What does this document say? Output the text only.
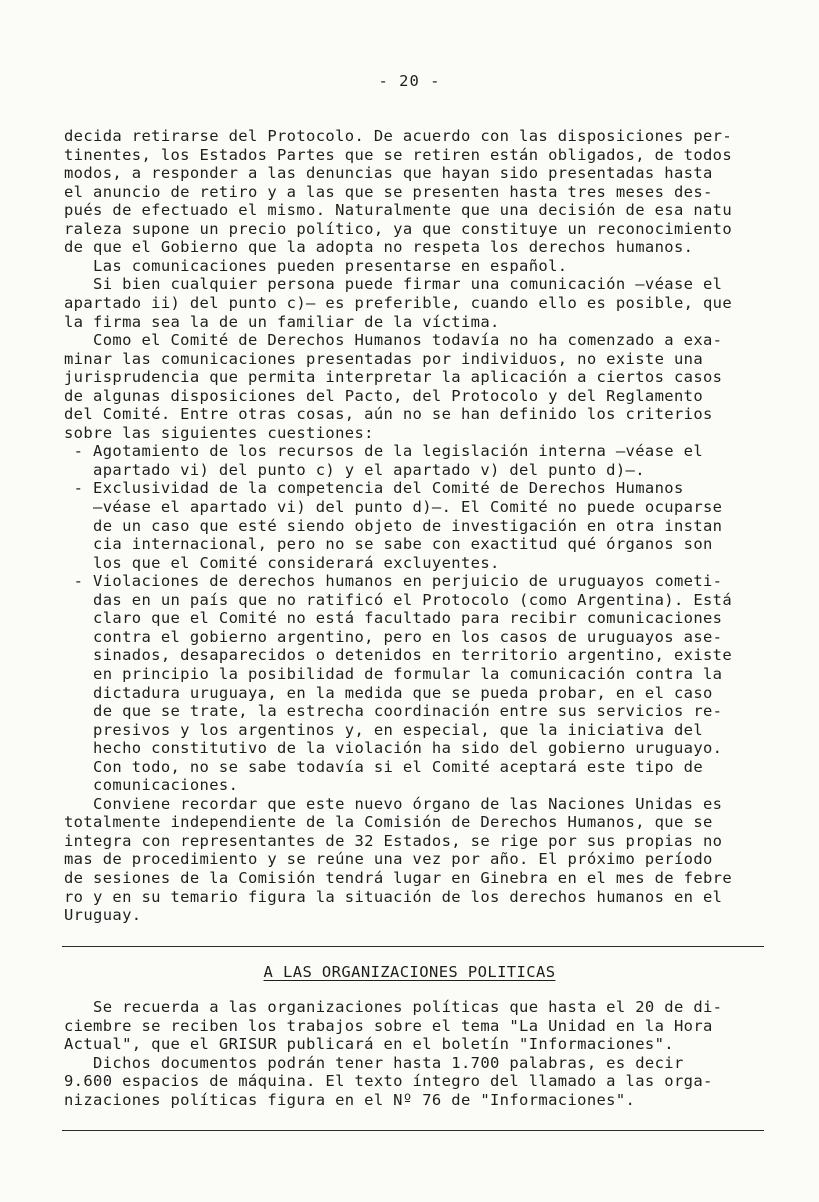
- 20 -
decida retirarse del Protocolo. De acuerdo con las disposiciones per-
tinentes, los Estados Partes que se retiren están obligados, de todos
modos, a responder a las denuncias que hayan sido presentadas hasta
el anuncio de retiro y a las que se presenten hasta tres meses des-
pués de efectuado el mismo. Naturalmente que una decisión de esa natu
raleza supone un precio político, ya que constituye un reconocimiento
de que el Gobierno que la adopta no respeta los derechos humanos.
Las comunicaciones pueden presentarse en español.
Si bien cualquier persona puede firmar una comunicación —véase el
apartado ii) del punto c)— es preferible, cuando ello es posible, que
la firma sea la de un familiar de la víctima.
Como el Comité de Derechos Humanos todavía no ha comenzado a exa-
minar las comunicaciones presentadas por individuos, no existe una
jurisprudencia que permita interpretar la aplicación a ciertos casos
de algunas disposiciones del Pacto, del Protocolo y del Reglamento
del Comité. Entre otras cosas, aún no se han definido los criterios
sobre las siguientes cuestiones:
- Agotamiento de los recursos de la legislación interna —véase el
apartado vi) del punto c) y el apartado v) del punto d)—.
- Exclusividad de la competencia del Comité de Derechos Humanos
—véase el apartado vi) del punto d)—. El Comité no puede ocuparse
de un caso que esté siendo objeto de investigación en otra instan
cia internacional, pero no se sabe con exactitud qué órganos son
los que el Comité considerará excluyentes.
- Violaciones de derechos humanos en perjuicio de uruguayos cometi-
das en un país que no ratificó el Protocolo (como Argentina). Está
claro que el Comité no está facultado para recibir comunicaciones
contra el gobierno argentino, pero en los casos de uruguayos ase-
sinados, desaparecidos o detenidos en territorio argentino, existe
en principio la posibilidad de formular la comunicación contra la
dictadura uruguaya, en la medida que se pueda probar, en el caso
de que se trate, la estrecha coordinación entre sus servicios re-
presivos y los argentinos y, en especial, que la iniciativa del
hecho constitutivo de la violación ha sido del gobierno uruguayo.
Con todo, no se sabe todavía si el Comité aceptará este tipo de
comunicaciones.
Conviene recordar que este nuevo órgano de las Naciones Unidas es
totalmente independiente de la Comisión de Derechos Humanos, que se
integra con representantes de 32 Estados, se rige por sus propias no
mas de procedimiento y se reúne una vez por año. El próximo período
de sesiones de la Comisión tendrá lugar en Ginebra en el mes de febre
ro y en su temario figura la situación de los derechos humanos en el
Uruguay.
A LAS ORGANIZACIONES POLITICAS
Se recuerda a las organizaciones políticas que hasta el 20 de di-
ciembre se reciben los trabajos sobre el tema "La Unidad en la Hora
Actual", que el GRISUR publicará en el boletín "Informaciones".
Dichos documentos podrán tener hasta 1.700 palabras, es decir
9.600 espacios de máquina. El texto íntegro del llamado a las orga-
nizaciones políticas figura en el Nº 76 de "Informaciones".
